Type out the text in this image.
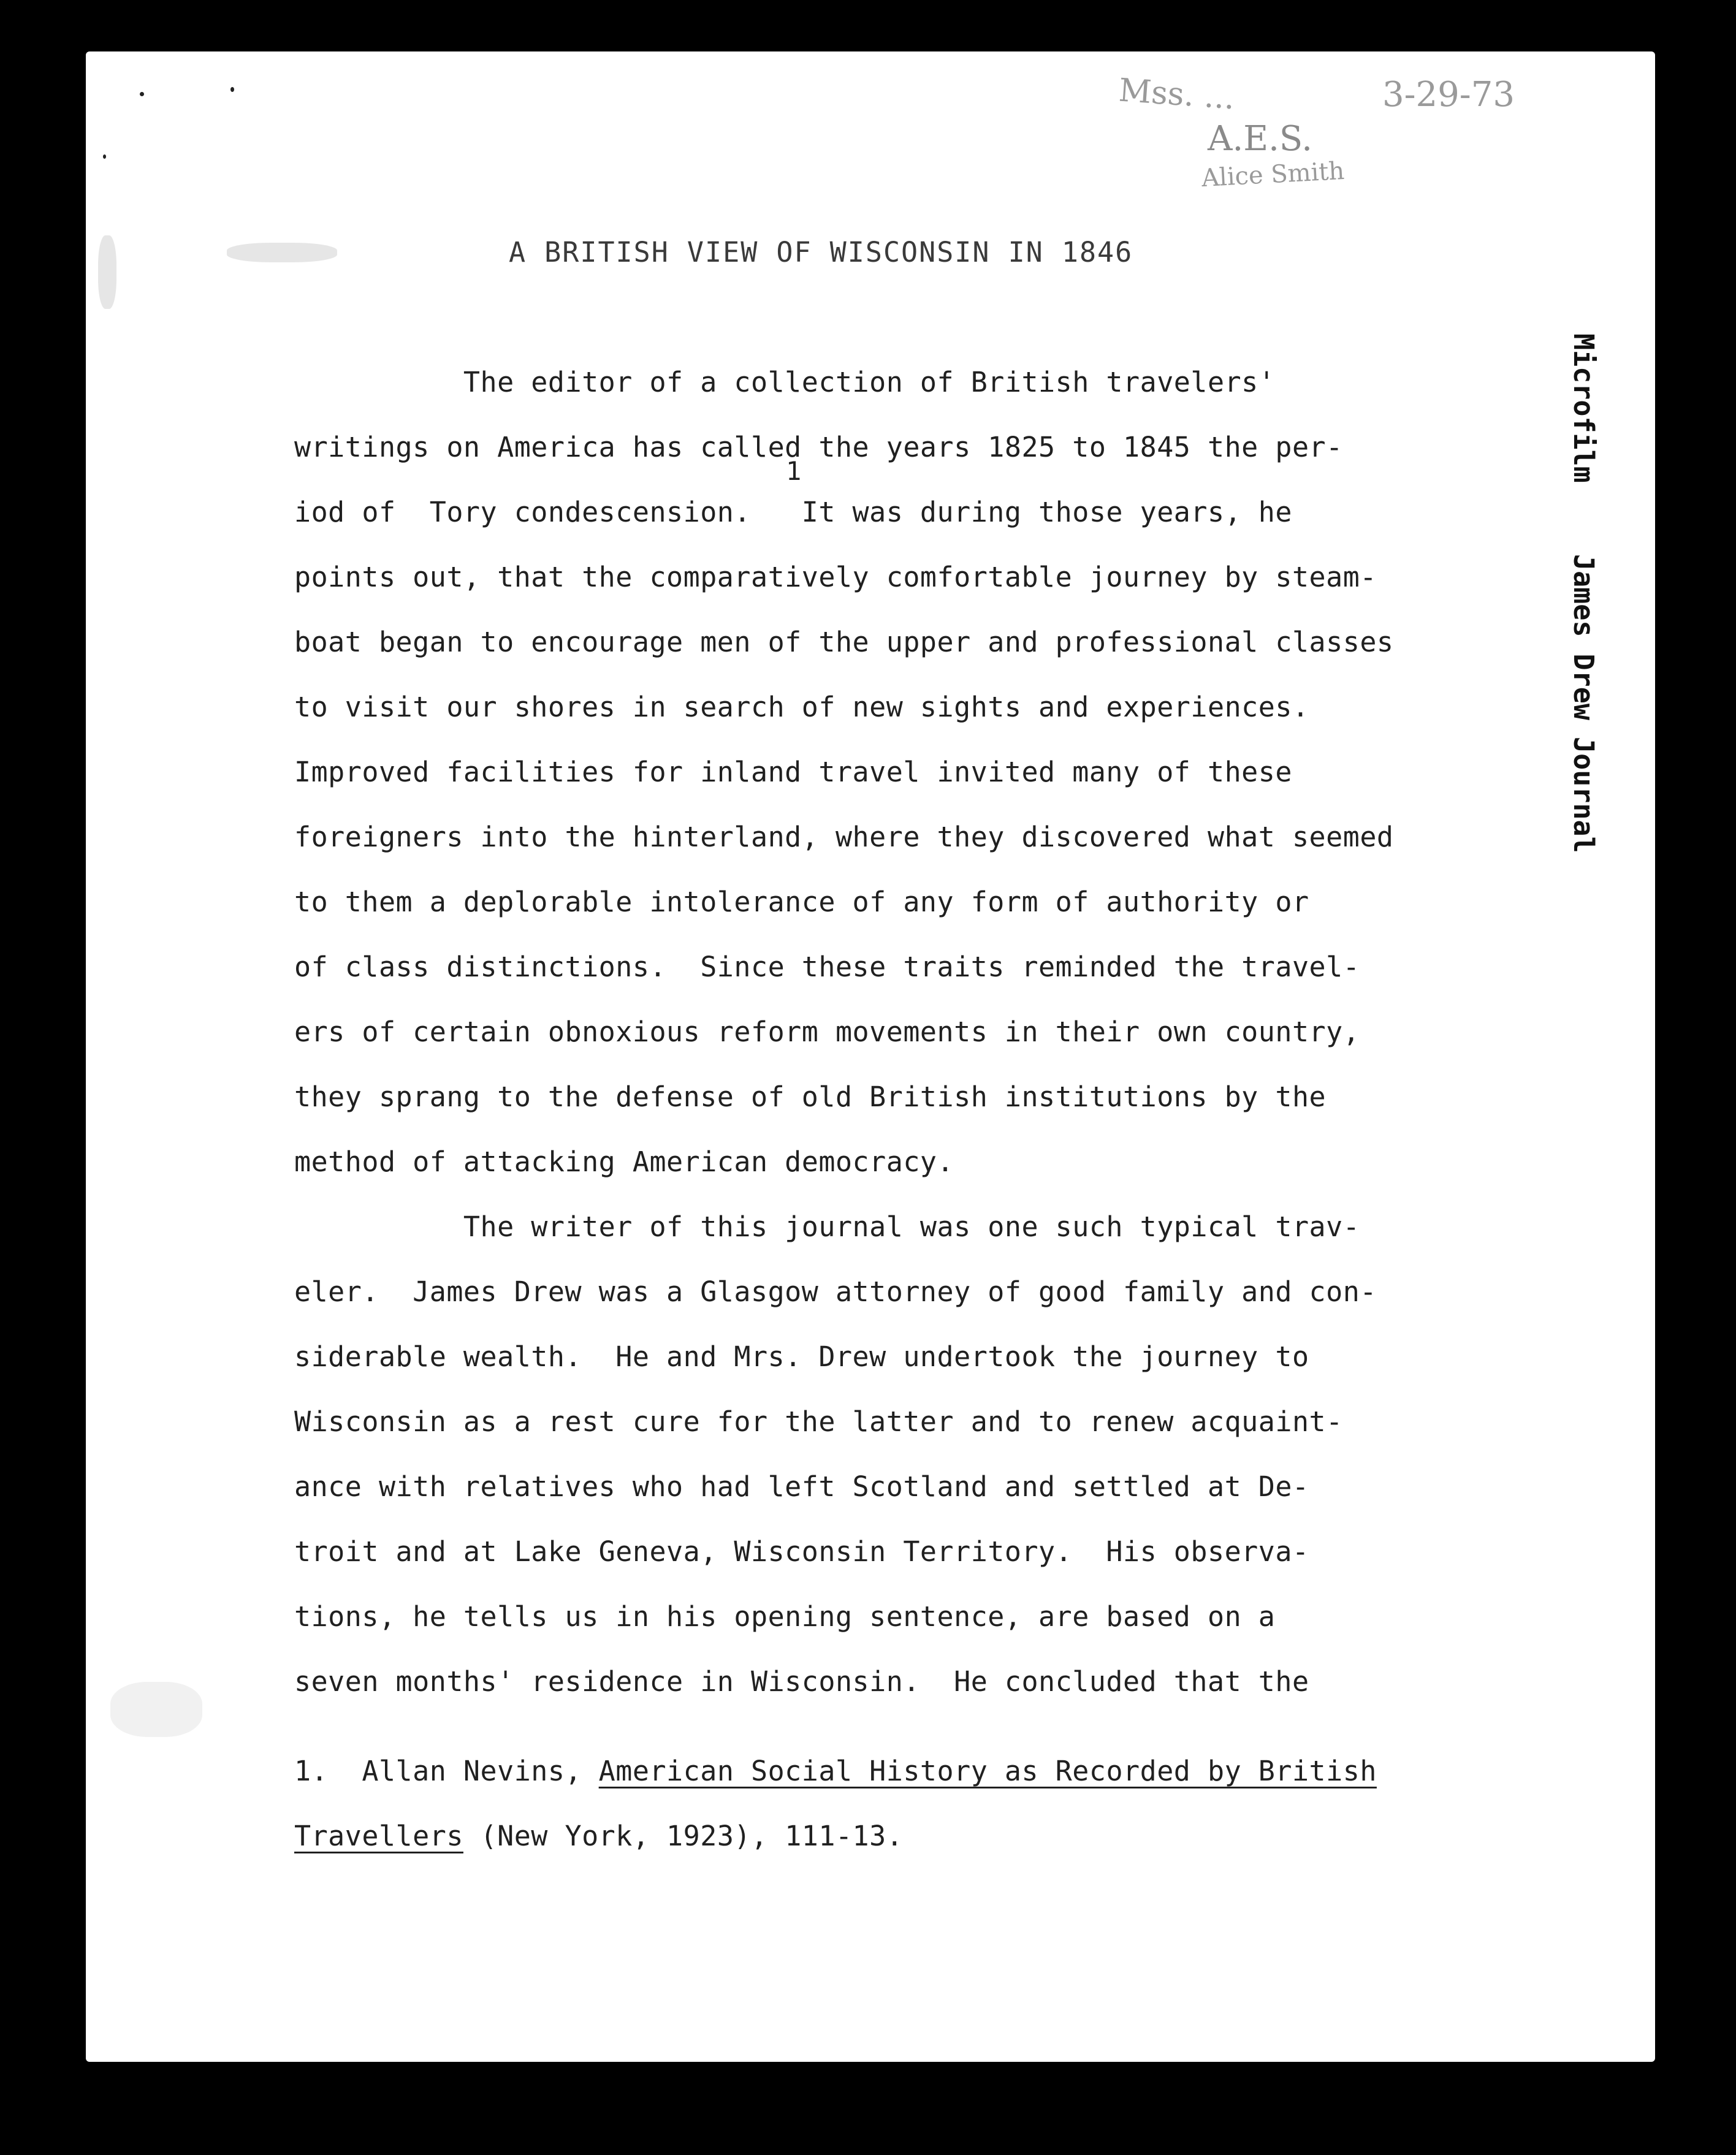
Mss. ...	3-29-73
A.E.S.
Alice Smith
A BRITISH VIEW OF WISCONSIN IN 1846
Microfilm
James Drew Journal
1
The editor of a collection of British travelers'
writings on America has called the years 1825 to 1845 the per-
iod of  Tory condescension.   It was during those years, he
points out, that the comparatively comfortable journey by steam-
boat began to encourage men of the upper and professional classes
to visit our shores in search of new sights and experiences.
Improved facilities for inland travel invited many of these
foreigners into the hinterland, where they discovered what seemed
to them a deplorable intolerance of any form of authority or
of class distinctions.  Since these traits reminded the travel-
ers of certain obnoxious reform movements in their own country,
they sprang to the defense of old British institutions by the
method of attacking American democracy.
The writer of this journal was one such typical trav-
eler.  James Drew was a Glasgow attorney of good family and con-
siderable wealth.  He and Mrs. Drew undertook the journey to
Wisconsin as a rest cure for the latter and to renew acquaint-
ance with relatives who had left Scotland and settled at De-
troit and at Lake Geneva, Wisconsin Territory.  His observa-
tions, he tells us in his opening sentence, are based on a
seven months' residence in Wisconsin.  He concluded that the
1. Allan Nevins, American Social History as Recorded by British
Travellers (New York, 1923), 111-13.
